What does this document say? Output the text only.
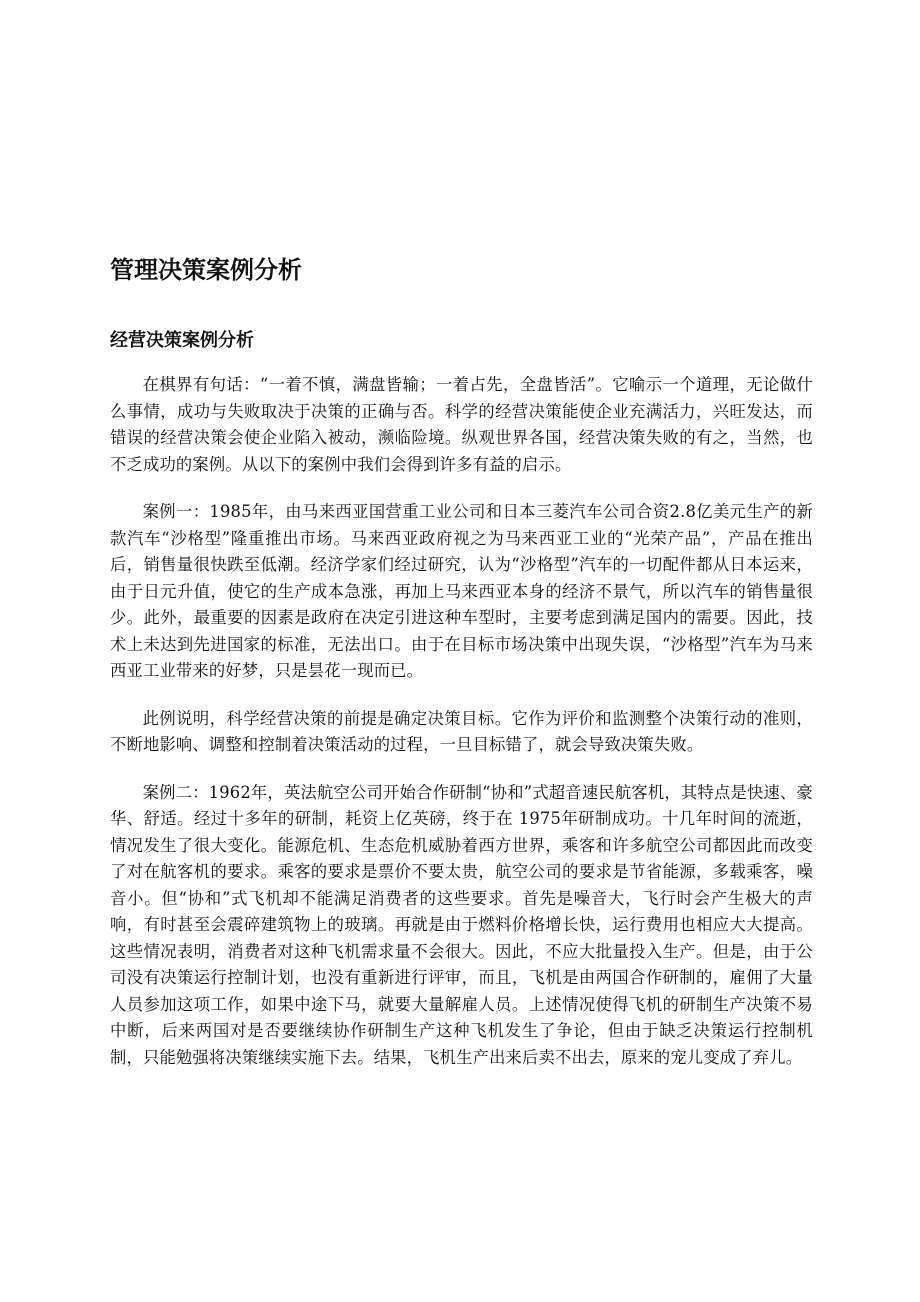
管理决策案例分析
经营决策案例分析

在棋界有句话：“一着不慎，满盘皆输；一着占先，全盘皆活”。它喻示一个道理，无论做什么事情，成功与失败取决于决策的正确与否。科学的经营决策能使企业充满活力，兴旺发达，而错误的经营决策会使企业陷入被动，濒临险境。纵观世界各国，经营决策失败的有之，当然，也不乏成功的案例。从以下的案例中我们会得到许多有益的启示。

案例一：1985年，由马来西亚国营重工业公司和日本三菱汽车公司合资2.8亿美元生产的新款汽车“沙格型”隆重推出市场。马来西亚政府视之为马来西亚工业的“光荣产品”，产品在推出后，销售量很快跌至低潮。经济学家们经过研究，认为“沙格型”汽车的一切配件都从日本运来，由于日元升值，使它的生产成本急涨，再加上马来西亚本身的经济不景气，所以汽车的销售量很少。此外，最重要的因素是政府在决定引进这种车型时，主要考虑到满足国内的需要。因此，技术上未达到先进国家的标准，无法出口。由于在目标市场决策中出现失误，“沙格型”汽车为马来西亚工业带来的好梦，只是昙花一现而已。

此例说明，科学经营决策的前提是确定决策目标。它作为评价和监测整个决策行动的准则，不断地影响、调整和控制着决策活动的过程，一旦目标错了，就会导致决策失败。

案例二：1962年，英法航空公司开始合作研制“协和”式超音速民航客机，其特点是快速、豪华、舒适。经过十多年的研制，耗资上亿英磅，终于在 1975年研制成功。十几年时间的流逝，情况发生了很大变化。能源危机、生态危机威胁着西方世界，乘客和许多航空公司都因此而改变了对在航客机的要求。乘客的要求是票价不要太贵，航空公司的要求是节省能源，多载乘客，噪音小。但“协和”式飞机却不能满足消费者的这些要求。首先是噪音大，飞行时会产生极大的声响，有时甚至会震碎建筑物上的玻璃。再就是由于燃料价格增长快，运行费用也相应大大提高。这些情况表明，消费者对这种飞机需求量不会很大。因此，不应大批量投入生产。但是，由于公司没有决策运行控制计划，也没有重新进行评审，而且，飞机是由两国合作研制的，雇佣了大量人员参加这项工作，如果中途下马，就要大量解雇人员。上述情况使得飞机的研制生产决策不易中断，后来两国对是否要继续协作研制生产这种飞机发生了争论，但由于缺乏决策运行控制机制，只能勉强将决策继续实施下去。结果，飞机生产出来后卖不出去，原来的宠儿变成了弃儿。
